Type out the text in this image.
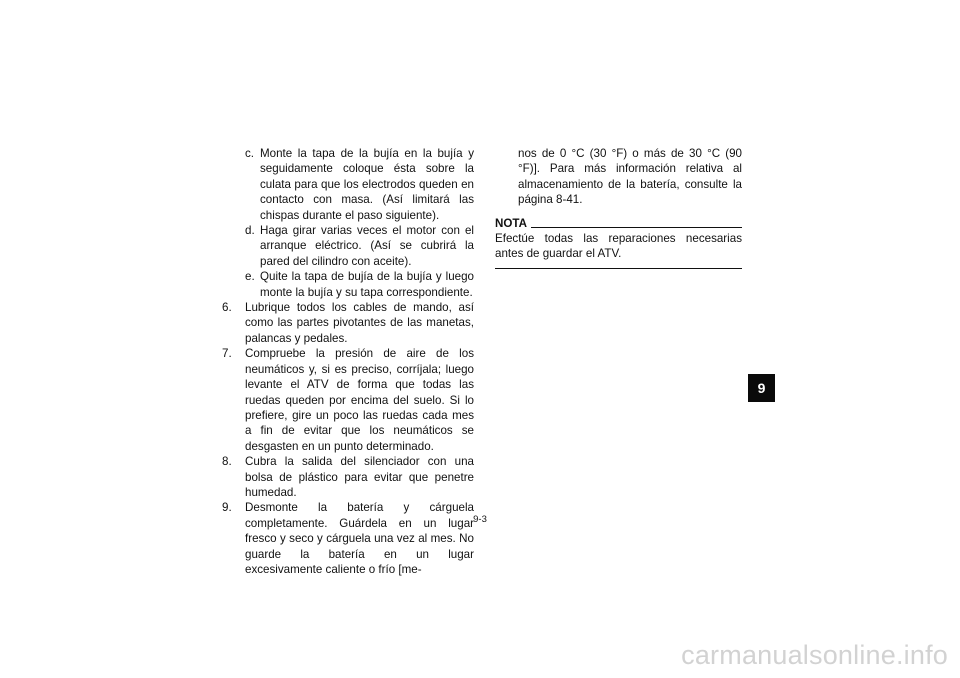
c. Monte la tapa de la bujía en la bujía y seguidamente coloque ésta sobre la culata para que los electrodos queden en contacto con masa. (Así limitará las chispas durante el paso siguiente).
d. Haga girar varias veces el motor con el arranque eléctrico. (Así se cubrirá la pared del cilindro con aceite).
e. Quite la tapa de bujía de la bujía y luego monte la bujía y su tapa correspondiente.
6. Lubrique todos los cables de mando, así como las partes pivotantes de las manetas, palancas y pedales.
7. Compruebe la presión de aire de los neumáticos y, si es preciso, corríjala; luego levante el ATV de forma que todas las ruedas queden por encima del suelo. Si lo prefiere, gire un poco las ruedas cada mes a fin de evitar que los neumáticos se desgasten en un punto determinado.
8. Cubra la salida del silenciador con una bolsa de plástico para evitar que penetre humedad.
9. Desmonte la batería y cárguela completamente. Guárdela en un lugar fresco y seco y cárguela una vez al mes. No guarde la batería en un lugar excesivamente caliente o frío [me-
nos de 0 °C (30 °F) o más de 30 °C (90 °F)]. Para más información relativa al almacenamiento de la batería, consulte la página 8-41.
NOTA
Efectúe todas las reparaciones necesarias antes de guardar el ATV.
9
9-3
carmanualsonline.info
